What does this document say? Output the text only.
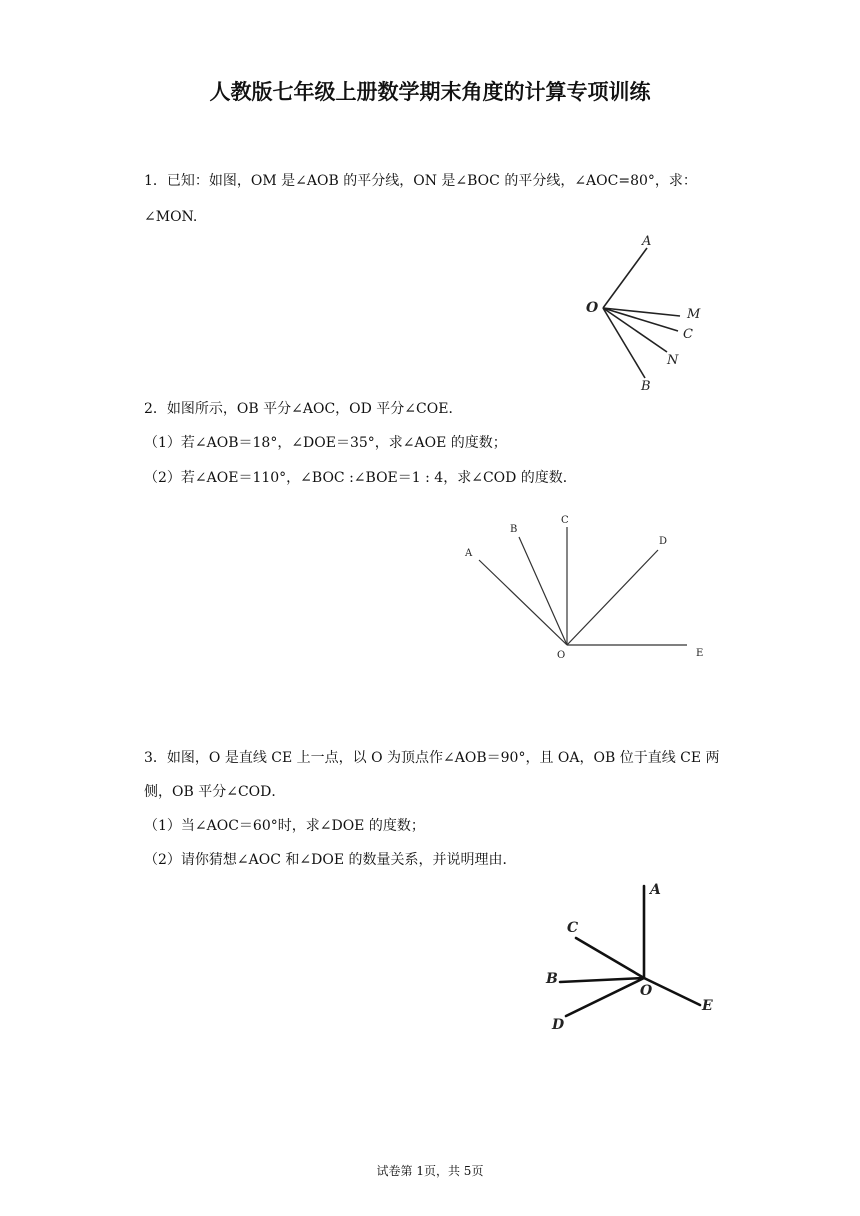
人教版七年级上册数学期末角度的计算专项训练
1．已知：如图，OM 是∠AOB 的平分线，ON 是∠BOC 的平分线，∠AOC=80°，求：
∠MON.
A
O	M
C
N
B
2．如图所示，OB 平分∠AOC，OD 平分∠COE．
（1）若∠AOB＝18°，∠DOE＝35°，求∠AOE 的度数；
（2）若∠AOE＝110°，∠BOC :∠BOE＝1 : 4，求∠COD 的度数．
A
B
C
D
O	E
3．如图，O 是直线 CE 上一点，以 O 为顶点作∠AOB＝90°，且 OA，OB 位于直线 CE 两
侧，OB 平分∠COD．
（1）当∠AOC＝60°时，求∠DOE 的度数；
（2）请你猜想∠AOC 和∠DOE 的数量关系，并说明理由．
A
C
B
O
D
E
试卷第 1页，共 5页
